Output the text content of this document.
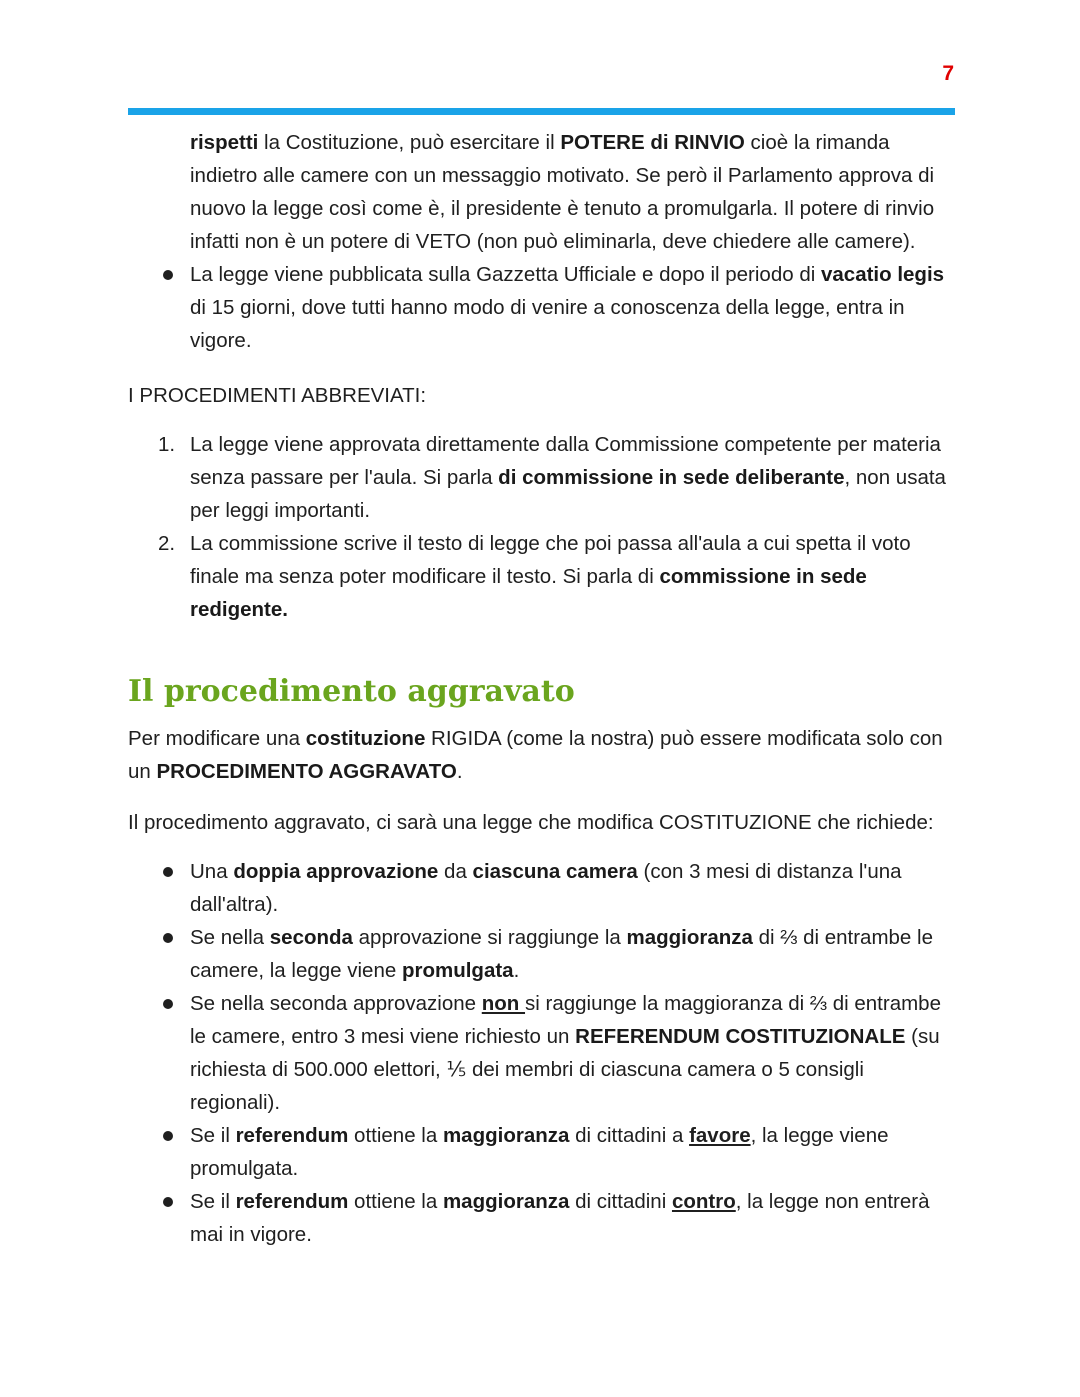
7
rispetti la Costituzione, può esercitare il POTERE di RINVIO cioè la rimanda indietro alle camere con un messaggio motivato. Se però il Parlamento approva di nuovo la legge così come è, il presidente è tenuto a promulgarla. Il potere di rinvio infatti non è un potere di VETO (non può eliminarla, deve chiedere alle camere).
La legge viene pubblicata sulla Gazzetta Ufficiale e dopo il periodo di vacatio legis di 15 giorni, dove tutti hanno modo di venire a conoscenza della legge, entra in vigore.

I PROCEDIMENTI ABBREVIATI:

1. La legge viene approvata direttamente dalla Commissione competente per materia senza passare per l'aula. Si parla di commissione in sede deliberante, non usata per leggi importanti.
2. La commissione scrive il testo di legge che poi passa all'aula a cui spetta il voto finale ma senza poter modificare il testo. Si parla di commissione in sede redigente.
Il procedimento aggravato

Per modificare una costituzione RIGIDA (come la nostra) può essere modificata solo con un PROCEDIMENTO AGGRAVATO.

Il procedimento aggravato, ci sarà una legge che modifica COSTITUZIONE che richiede:

Una doppia approvazione da ciascuna camera (con 3 mesi di distanza l'una dall'altra).
Se nella seconda approvazione si raggiunge la maggioranza di ⅔ di entrambe le camere, la legge viene promulgata.
Se nella seconda approvazione non si raggiunge la maggioranza di ⅔ di entrambe le camere, entro 3 mesi viene richiesto un REFERENDUM COSTITUZIONALE (su richiesta di 500.000 elettori, ⅕ dei membri di ciascuna camera o 5 consigli regionali).
Se il referendum ottiene la maggioranza di cittadini a favore, la legge viene promulgata.
Se il referendum ottiene la maggioranza di cittadini contro, la legge non entrerà mai in vigore.
